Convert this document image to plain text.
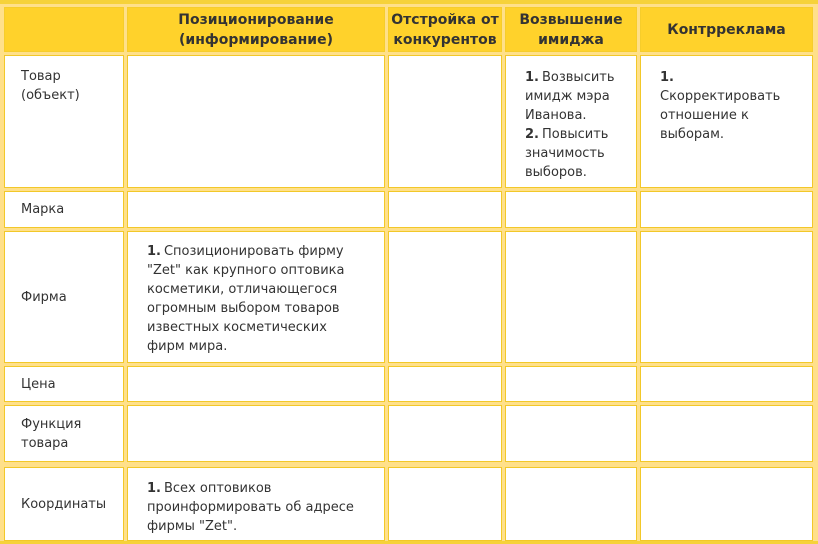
Позиционирование (информирование)
Отстройка от конкурентов
Возвышение имиджа
Контрреклама
Товар (объект)
1. Возвысить имидж мэра Иванова.
2. Повысить значимость выборов.
1.
Скорректировать отношение к выборам.
Марка
Фирма
1. Спозиционировать фирму "Zet" как крупного оптовика косметики, отличающегося огромным выбором товаров известных косметических фирм мира.
Цена
Функция товара
Координаты
1. Всех оптовиков проинформировать об адресе фирмы "Zet".
